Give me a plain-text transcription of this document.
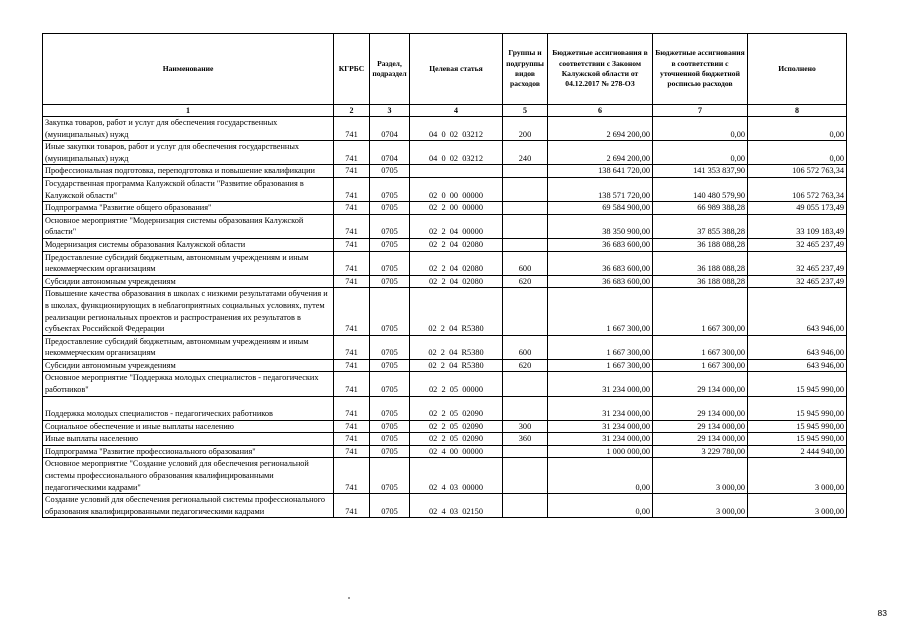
Наименование	КГРБС	Раздел, подраздел	Целевая статья	Группы и подгруппы видов расходов	Бюджетные ассигнования в соответствии с Законом Калужской области от 04.12.2017 № 278-ОЗ	Бюджетные ассигнования в соответствии с уточненной бюджетной росписью расходов	Исполнено
1	2	3	4	5	6	7	8
Закупка товаров, работ и услуг для обеспечения государственных (муниципальных) нужд	741	0704	04  0  02  03212	200	2 694 200,00	0,00	0,00
Иные закупки товаров, работ и услуг для обеспечения государственных (муниципальных) нужд	741	0704	04  0  02  03212	240	2 694 200,00	0,00	0,00
Профессиональная подготовка, переподготовка и повышение квалификации	741	0705			138 641 720,00	141 353 837,90	106 572 763,34
Государственная программа Калужской области "Развитие образования в Калужской области"	741	0705	02  0  00  00000		138 571 720,00	140 480 579,90	106 572 763,34
Подпрограмма "Развитие общего образования"	741	0705	02  2  00  00000		69 584 900,00	66 989 388,28	49 055 173,49
Основное мероприятие "Модернизация системы образования Калужской области"	741	0705	02  2  04  00000		38 350 900,00	37 855 388,28	33 109 183,49
Модернизация системы образования Калужской области	741	0705	02  2  04  02080		36 683 600,00	36 188 088,28	32 465 237,49
Предоставление субсидий бюджетным, автономным учреждениям и иным некоммерческим организациям	741	0705	02  2  04  02080	600	36 683 600,00	36 188 088,28	32 465 237,49
Субсидии автономным учреждениям	741	0705	02  2  04  02080	620	36 683 600,00	36 188 088,28	32 465 237,49
Повышение качества образования в школах с низкими результатами обучения и в школах, функционирующих в неблагоприятных социальных условиях, путем реализации региональных проектов и распространения их результатов в субъектах Российской Федерации	741	0705	02  2  04  R5380		1 667 300,00	1 667 300,00	643 946,00
Предоставление субсидий бюджетным, автономным учреждениям и иным некоммерческим организациям	741	0705	02  2  04  R5380	600	1 667 300,00	1 667 300,00	643 946,00
Субсидии автономным учреждениям	741	0705	02  2  04  R5380	620	1 667 300,00	1 667 300,00	643 946,00
Основное мероприятие "Поддержка молодых специалистов - педагогических работников"	741	0705	02  2  05  00000		31 234 000,00	29 134 000,00	15 945 990,00
Поддержка молодых специалистов - педагогических работников	741	0705	02  2  05  02090		31 234 000,00	29 134 000,00	15 945 990,00
Социальное обеспечение и иные выплаты населению	741	0705	02  2  05  02090	300	31 234 000,00	29 134 000,00	15 945 990,00
Иные выплаты населению	741	0705	02  2  05  02090	360	31 234 000,00	29 134 000,00	15 945 990,00
Подпрограмма "Развитие профессионального образования"	741	0705	02  4  00  00000		1 000 000,00	3 229 780,00	2 444 940,00
Основное мероприятие "Создание условий для обеспечения региональной системы профессионального образования квалифицированными педагогическими кадрами"	741	0705	02  4  03  00000		0,00	3 000,00	3 000,00
Создание условий для обеспечения региональной системы профессионального образования квалифицированными педагогическими кадрами	741	0705	02  4  03  02150		0,00	3 000,00	3 000,00
83
